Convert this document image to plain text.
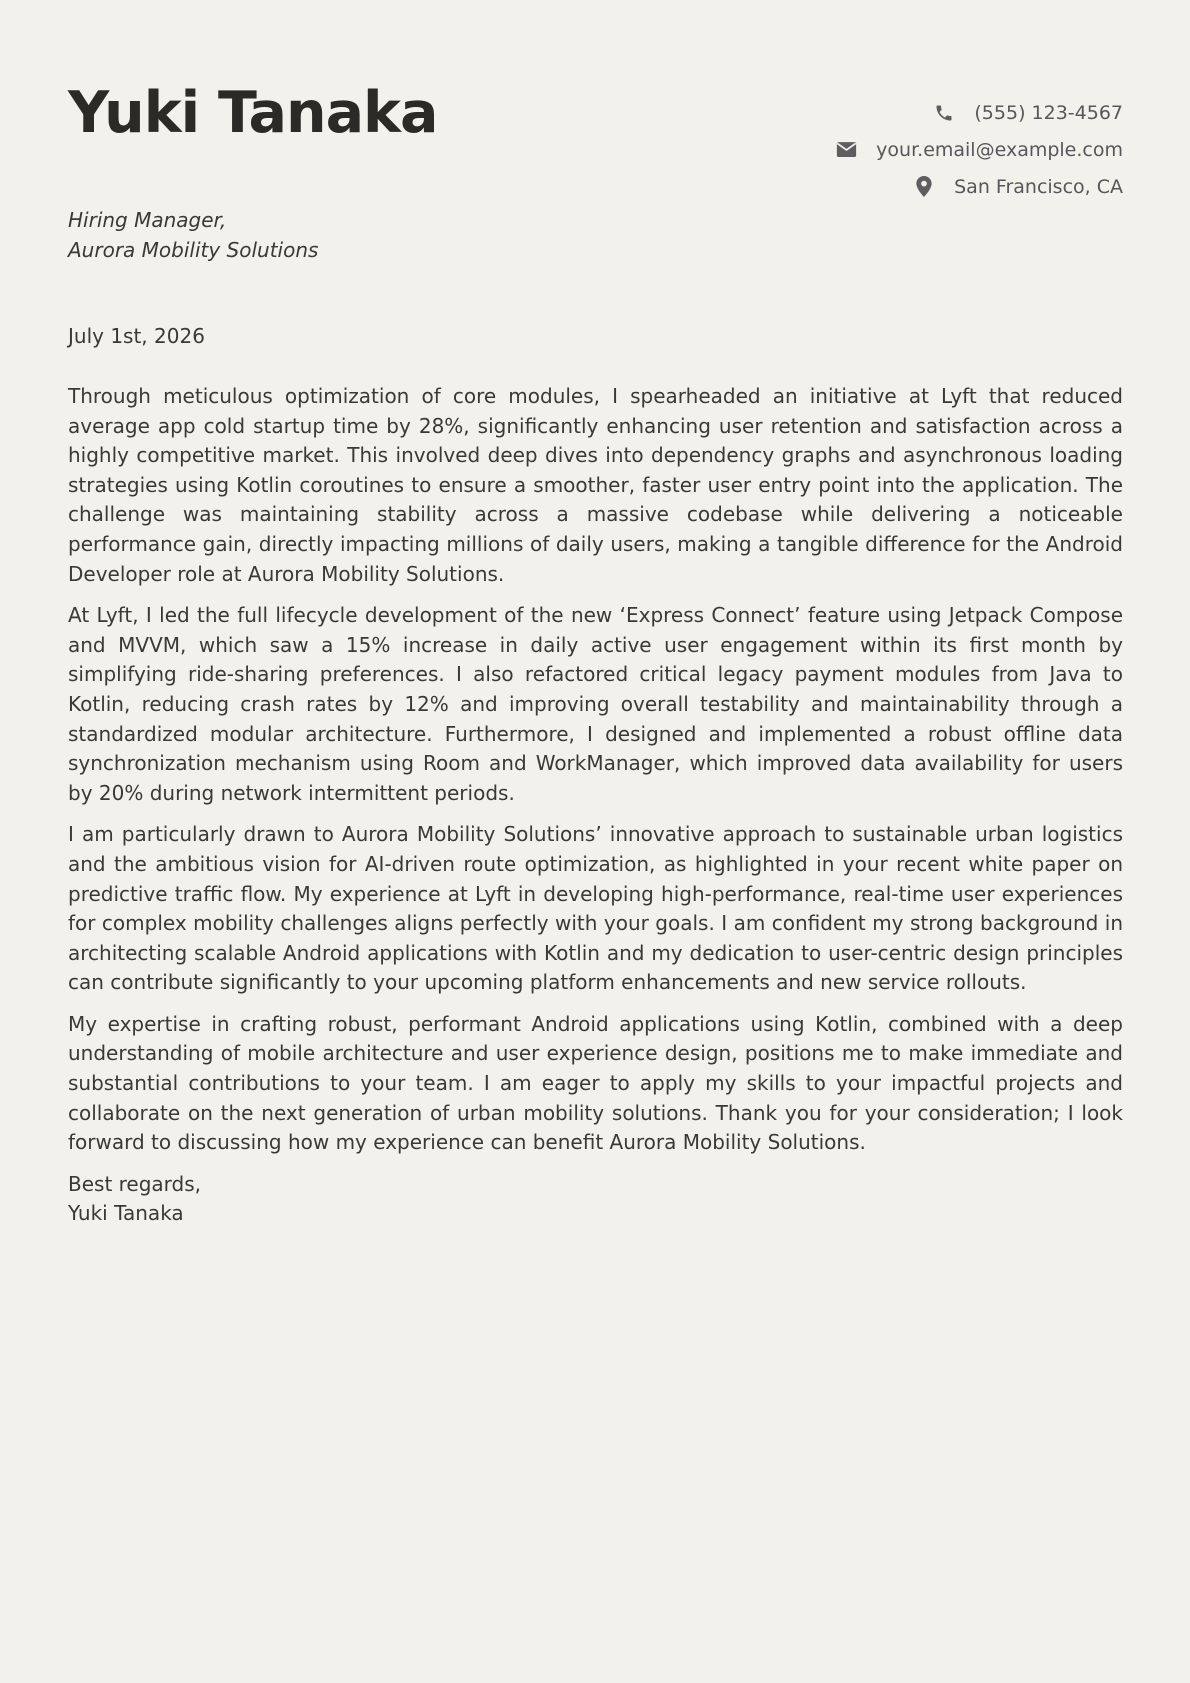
Yuki Tanaka	(555) 123-4567
your.email@example.com
San Francisco, CA
Hiring Manager,
Aurora Mobility Solutions
July 1st, 2026

Through meticulous optimization of core modules, I spearheaded an initiative at Lyft that reduced average app cold startup time by 28%, significantly enhancing user retention and satisfaction across a highly competitive market. This involved deep dives into dependency graphs and asynchronous loading strategies using Kotlin coroutines to ensure a smoother, faster user entry point into the application. The challenge was maintaining stability across a massive codebase while delivering a noticeable performance gain, directly impacting millions of daily users, making a tangible difference for the Android Developer role at Aurora Mobility Solutions.

At Lyft, I led the full lifecycle development of the new ‘Express Connect’ feature using Jetpack Compose and MVVM, which saw a 15% increase in daily active user engagement within its first month by simplifying ride-sharing preferences. I also refactored critical legacy payment modules from Java to Kotlin, reducing crash rates by 12% and improving overall testability and maintainability through a standardized modular architecture. Furthermore, I designed and implemented a robust offline data synchronization mechanism using Room and WorkManager, which improved data availability for users by 20% during network intermittent periods.

I am particularly drawn to Aurora Mobility Solutions’ innovative approach to sustainable urban logistics and the ambitious vision for AI-driven route optimization, as highlighted in your recent white paper on predictive traffic flow. My experience at Lyft in developing high-performance, real-time user experiences for complex mobility challenges aligns perfectly with your goals. I am confident my strong background in architecting scalable Android applications with Kotlin and my dedication to user-centric design principles can contribute significantly to your upcoming platform enhancements and new service rollouts.

My expertise in crafting robust, performant Android applications using Kotlin, combined with a deep understanding of mobile architecture and user experience design, positions me to make immediate and substantial contributions to your team. I am eager to apply my skills to your impactful projects and collaborate on the next generation of urban mobility solutions. Thank you for your consideration; I look forward to discussing how my experience can benefit Aurora Mobility Solutions.

Best regards,
Yuki Tanaka
